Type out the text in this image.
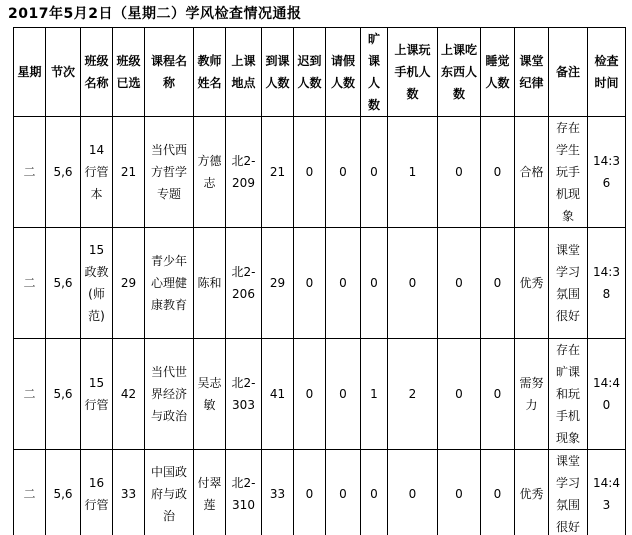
2017年5月2日（星期二）学风检查情况通报
星期	节次	班级名称	班级已选	课程名称	教师姓名	上课地点	到课人数	迟到人数	请假人数	旷课人数	上课玩手机人数	上课吃东西人数	睡觉人数	课堂纪律	备注	检查时间
二	5,6	14行管本	21	当代西方哲学专题	方德志	北2-209	21	0	0	0	1	0	0	合格	存在学生玩手机现象	14:36
二	5,6	15政教(师范)	29	青少年心理健康教育	陈和	北2-206	29	0	0	0	0	0	0	优秀	课堂学习氛围很好	14:38
二	5,6	15行管	42	当代世界经济与政治	吴志敏	北2-303	41	0	0	1	2	0	0	需努力	存在旷课和玩手机现象	14:40
二	5,6	16行管	33	中国政府与政治	付翠莲	北2-310	33	0	0	0	0	0	0	优秀	课堂学习氛围很好	14:43
